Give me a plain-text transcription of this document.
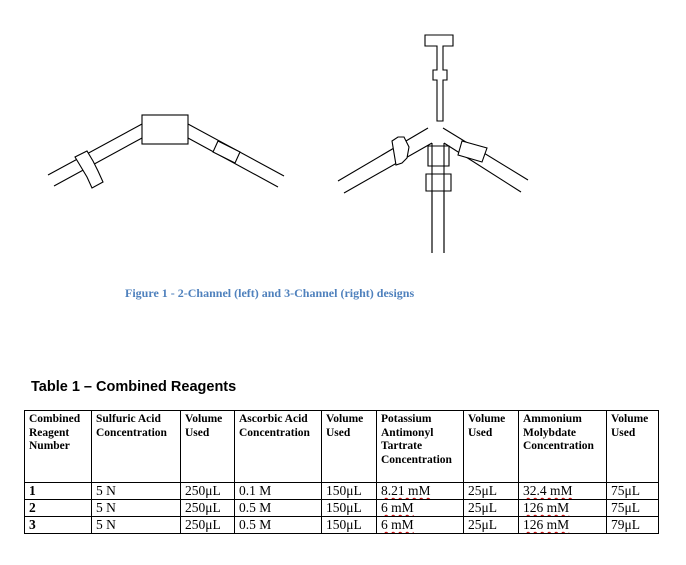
Figure 1 - 2-Channel (left) and 3-Channel (right) designs
Table 1 – Combined Reagents
Combined Reagent Number	Sulfuric Acid Concentration	Volume Used	Ascorbic Acid Concentration	Volume Used	Potassium Antimonyl Tartrate Concentration	Volume Used	Ammonium Molybdate Concentration	Volume Used
1	5 N	250μL	0.1 M	150μL	8.21 mM	25μL	32.4 mM	75μL
2	5 N	250μL	0.5 M	150μL	6 mM	25μL	126 mM	75μL
3	5 N	250μL	0.5 M	150μL	6 mM	25μL	126 mM	79μL
